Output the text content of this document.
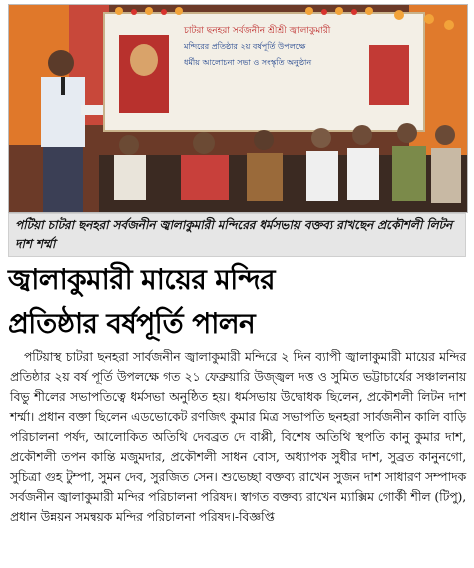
চাটরা ছনহরা সর্বজনীন শ্রীশ্রী জ্বালাকুমারী
মন্দিরের প্রতিষ্ঠার ২য় বর্ষপূর্তি উপলক্ষে
ধর্মীয় আলোচনা সভা ও সংস্কৃতি অনুষ্ঠান
পটিয়া চাটরা ছনহরা সর্বজনীন জ্বালাকুমারী মন্দিরের ধর্মসভায় বক্তব্য রাখছেন প্রকৌশলী লিটন দাশ শর্ম্মা
জ্বালাকুমারী মায়ের মন্দির
প্রতিষ্ঠার বর্ষপূর্তি পালন

পটিয়াস্থ চাটরা ছনহরা সার্বজনীন জ্বালাকুমারী মন্দিরে ২ দিন ব্যাপী জ্বালাকুমারী মায়ের মন্দির প্রতিষ্ঠার ২য় বর্ষ পূর্তি উপলক্ষে গত ২১ ফেব্রুয়ারি উজ্জ্বল দত্ত ও সুমিত ভট্টাচার্যের সঞ্চালনায় বিভু শীলের সভাপতিত্বে ধর্মসভা অনুষ্ঠিত হয়। ধর্মসভায় উদ্বোধক ছিলেন, প্রকৌশলী লিটন দাশ শর্ম্মা। প্রধান বক্তা ছিলেন এডভোকেট রণজিৎ কুমার মিত্র সভাপতি ছনহরা সার্বজনীন কালি বাড়ি পরিচালনা পর্ষদ, আলোকিত অতিথি দেবব্রত দে বাপ্পী, বিশেষ অতিথি স্থপতি কানু কুমার দাশ, প্রকৌশলী তপন কান্তি মজুমদার, প্রকৌশলী সাধন বোস, অধ্যাপক সুধীর দাশ, সুব্রত কানুনগো, সুচিত্রা গুহ টুম্পা, সুমন দেব, সুরজিত সেন। শুভেচ্ছা বক্তব্য রাখেন সুজন দাশ সাধারণ সম্পাদক সর্বজনীন জ্বালাকুমারী মন্দির পরিচালনা পরিষদ। স্বাগত বক্তব্য রাখেন ম্যাক্সিম গোর্কী শীল (টিপু), প্রধান উন্নয়ন সমন্বয়ক মন্দির পরিচালনা পরিষদ।-বিজ্ঞপ্তি
